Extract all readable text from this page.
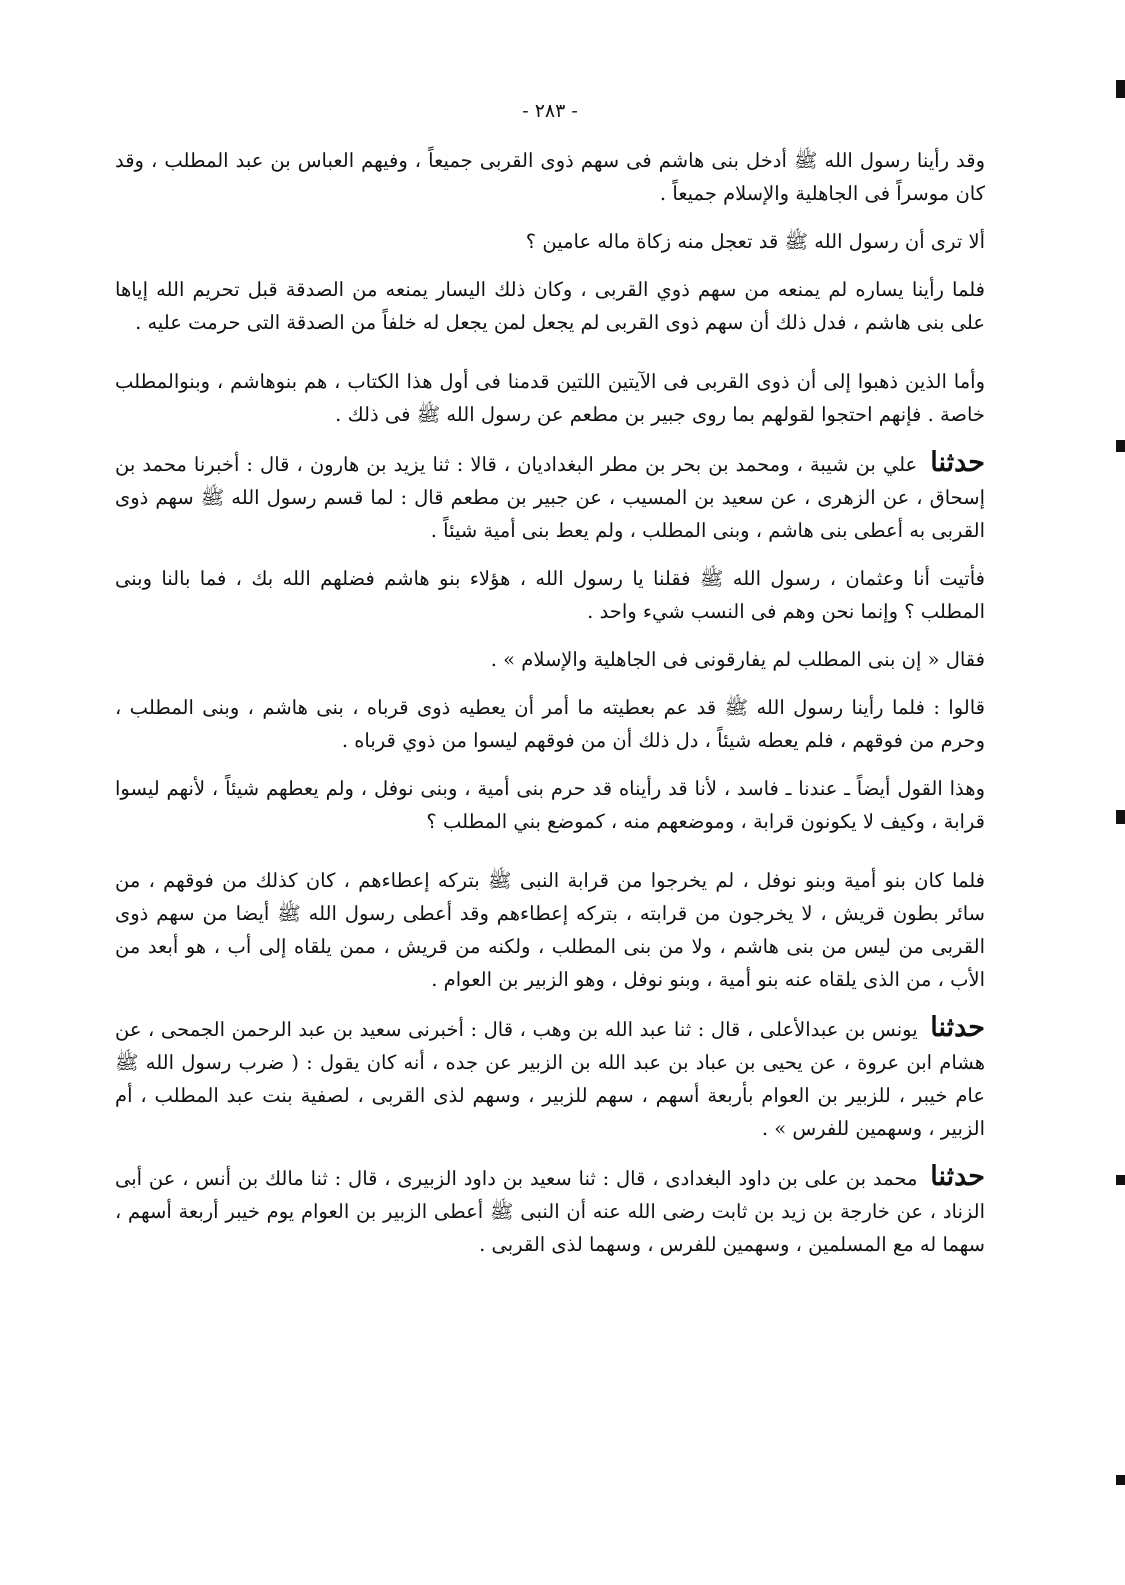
- ٢٨٣ -

وقد رأينا رسول الله ﷺ أدخل بنى هاشم فى سهم ذوى القربى جميعاً ، وفيهم العباس بن عبد المطلب ، وقد كان موسراً فى الجاهلية والإسلام جميعاً .

ألا ترى أن رسول الله ﷺ قد تعجل منه زكاة ماله عامين ؟

فلما رأينا يساره لم يمنعه من سهم ذوي القربى ، وكان ذلك اليسار يمنعه من الصدقة قبل تحريم الله إياها على بنى هاشم ، فدل ذلك أن سهم ذوى القربى لم يجعل لمن يجعل له خلفاً من الصدقة التى حرمت عليه .

وأما الذين ذهبوا إلى أن ذوى القربى فى الآيتين اللتين قدمنا فى أول هذا الكتاب ، هم بنوهاشم ، وبنوالمطلب خاصة . فإنهم احتجوا لقولهم بما روى جبير بن مطعم عن رسول الله ﷺ فى ذلك .

حدثنا علي بن شيبة ، ومحمد بن بحر بن مطر البغداديان ، قالا : ثنا يزيد بن هارون ، قال : أخبرنا محمد بن إسحاق ، عن الزهرى ، عن سعيد بن المسيب ، عن جبير بن مطعم قال : لما قسم رسول الله ﷺ سهم ذوى القربى به أعطى بنى هاشم ، وبنى المطلب ، ولم يعط بنى أمية شيئاً .

فأتيت أنا وعثمان ، رسول الله ﷺ فقلنا يا رسول الله ، هؤلاء بنو هاشم فضلهم الله بك ، فما بالنا وبنى المطلب ؟ وإنما نحن وهم فى النسب شيء واحد .

فقال « إن بنى المطلب لم يفارقونى فى الجاهلية والإسلام » .

قالوا : فلما رأينا رسول الله ﷺ قد عم بعطيته ما أمر أن يعطيه ذوى قرباه ، بنى هاشم ، وبنى المطلب ، وحرم من فوقهم ، فلم يعطه شيئاً ، دل ذلك أن من فوقهم ليسوا من ذوي قرباه .

وهذا القول أيضاً ـ عندنا ـ فاسد ، لأنا قد رأيناه قد حرم بنى أمية ، وبنى نوفل ، ولم يعطهم شيئاً ، لأنهم ليسوا قرابة ، وكيف لا يكونون قرابة ، وموضعهم منه ، كموضع بني المطلب ؟

فلما كان بنو أمية وبنو نوفل ، لم يخرجوا من قرابة النبى ﷺ بتركه إعطاءهم ، كان كذلك من فوقهم ، من سائر بطون قريش ، لا يخرجون من قرابته ، بتركه إعطاءهم وقد أعطى رسول الله ﷺ أيضا من سهم ذوى القربى من ليس من بنى هاشم ، ولا من بنى المطلب ، ولكنه من قريش ، ممن يلقاه إلى أب ، هو أبعد من الأب ، من الذى يلقاه عنه بنو أمية ، وبنو نوفل ، وهو الزبير بن العوام .

حدثنا يونس بن عبدالأعلى ، قال : ثنا عبد الله بن وهب ، قال : أخبرنى سعيد بن عبد الرحمن الجمحى ، عن هشام ابن عروة ، عن يحيى بن عباد بن عبد الله بن الزبير عن جده ، أنه كان يقول : ( ضرب رسول الله ﷺ عام خيبر ، للزبير بن العوام بأربعة أسهم ، سهم للزبير ، وسهم لذى القربى ، لصفية بنت عبد المطلب ، أم الزبير ، وسهمين للفرس » .

حدثنا محمد بن على بن داود البغدادى ، قال : ثنا سعيد بن داود الزبيرى ، قال : ثنا مالك بن أنس ، عن أبى الزناد ، عن خارجة بن زيد بن ثابت رضى الله عنه أن النبى ﷺ أعطى الزبير بن العوام يوم خيبر أربعة أسهم ، سهما له مع المسلمين ، وسهمين للفرس ، وسهما لذى القربى .
